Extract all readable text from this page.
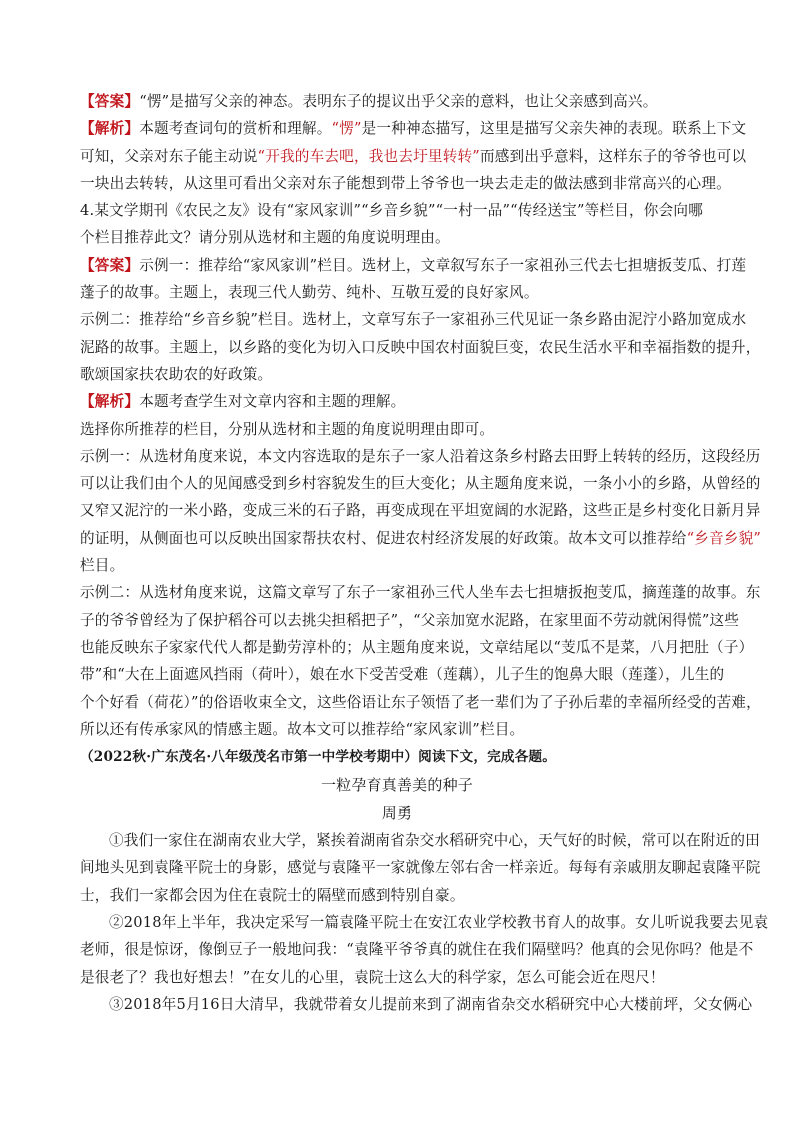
【答案】“愣”是描写父亲的神态。表明东子的提议出乎父亲的意料，也让父亲感到高兴。

【解析】本题考查词句的赏析和理解。“愣”是一种神态描写，这里是描写父亲失神的表现。联系上下文

可知，父亲对东子能主动说“开我的车去吧，我也去圩里转转”而感到出乎意料，这样东子的爷爷也可以

一块出去转转，从这里可看出父亲对东子能想到带上爷爷也一块去走走的做法感到非常高兴的心理。

4.某文学期刊《农民之友》设有“家风家训”“乡音乡貌”“一村一品”“传经送宝”等栏目，你会向哪

个栏目推荐此文？请分别从选材和主题的角度说明理由。

【答案】示例一：推荐给“家风家训”栏目。选材上，文章叙写东子一家祖孙三代去七担塘扳芰瓜、打莲

蓬子的故事。主题上，表现三代人勤劳、纯朴、互敬互爱的良好家风。

示例二：推荐给“乡音乡貌”栏目。选材上，文章写东子一家祖孙三代见证一条乡路由泥泞小路加宽成水

泥路的故事。主题上，以乡路的变化为切入口反映中国农村面貌巨变，农民生活水平和幸福指数的提升，

歌颂国家扶农助农的好政策。

【解析】本题考查学生对文章内容和主题的理解。

选择你所推荐的栏目，分别从选材和主题的角度说明理由即可。

示例一：从选材角度来说，本文内容选取的是东子一家人沿着这条乡村路去田野上转转的经历，这段经历

可以让我们由个人的见闻感受到乡村容貌发生的巨大变化；从主题角度来说，一条小小的乡路，从曾经的

又窄又泥泞的一米小路，变成三米的石子路，再变成现在平坦宽阔的水泥路，这些正是乡村变化日新月异

的证明，从侧面也可以反映出国家帮扶农村、促进农村经济发展的好政策。故本文可以推荐给“乡音乡貌”

栏目。

示例二：从选材角度来说，这篇文章写了东子一家祖孙三代人坐车去七担塘扳抱芰瓜，摘莲蓬的故事。东

子的爷爷曾经为了保护稻谷可以去挑尖担稻把子”，“父亲加宽水泥路，在家里面不劳动就闲得慌”这些

也能反映东子家家代代人都是勤劳淳朴的；从主题角度来说，文章结尾以“芰瓜不是菜，八月把肚（子）

带”和“大在上面遮风挡雨（荷叶），娘在水下受苦受难（莲藕），儿子生的饱鼻大眼（莲蓬），儿生的

个个好看（荷花）”的俗语收束全文，这些俗语让东子领悟了老一辈们为了子孙后辈的幸福所经受的苦难，

所以还有传承家风的情感主题。故本文可以推荐给“家风家训”栏目。

（2022秋·广东茂名·八年级茂名市第一中学校考期中）阅读下文，完成各题。

一粒孕育真善美的种子

周勇

①我们一家住在湖南农业大学，紧挨着湖南省杂交水稻研究中心，天气好的时候，常可以在附近的田

间地头见到袁隆平院士的身影，感觉与袁隆平一家就像左邻右舍一样亲近。每每有亲戚朋友聊起袁隆平院

士，我们一家都会因为住在袁院士的隔壁而感到特别自豪。

②2018年上半年，我决定采写一篇袁隆平院士在安江农业学校教书育人的故事。女儿听说我要去见袁

老师，很是惊讶，像倒豆子一般地问我：“袁隆平爷爷真的就住在我们隔壁吗？他真的会见你吗？他是不

是很老了？我也好想去！”在女儿的心里，袁院士这么大的科学家，怎么可能会近在咫尺！

③2018年5月16日大清早，我就带着女儿提前来到了湖南省杂交水稻研究中心大楼前坪，父女俩心
